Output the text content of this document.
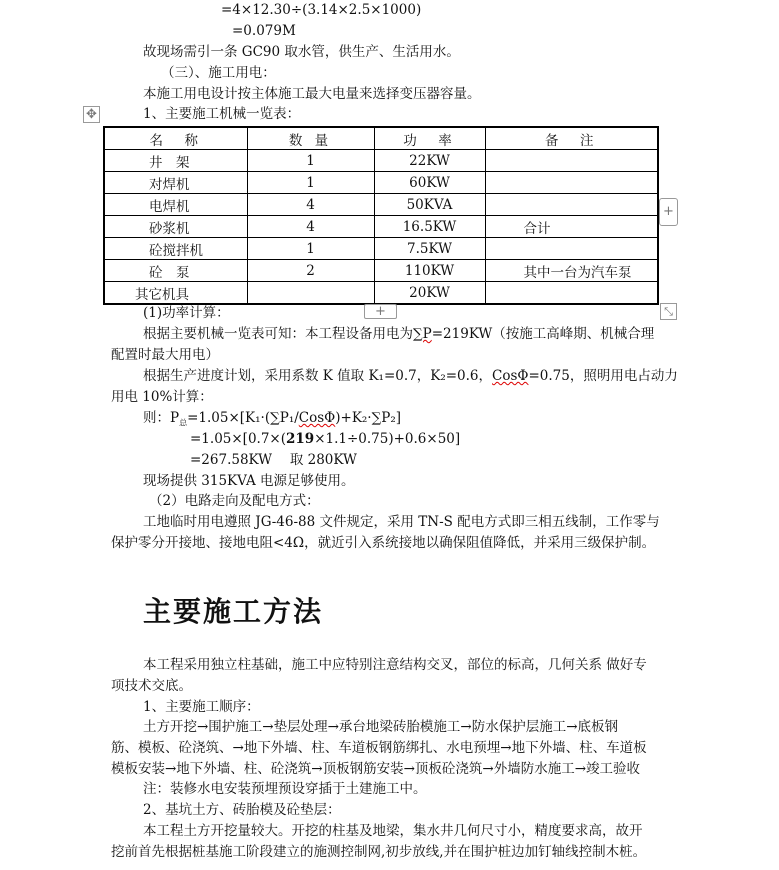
=4×12.30÷(3.14×2.5×1000)
=0.079M
故现场需引一条 GC90 取水管，供生产、生活用水。
（三）、施工用电：
本施工用电设计按主体施工最大电量来选择变压器容量。
1、主要施工机械一览表：
✥
名　称	数 量	功　率	备　注
井　架	1	22KW	
对焊机	1	60KW	
电焊机	4	50KVA	
砂浆机	4	16.5KW	合计
砼搅拌机	1	7.5KW	
砼　泵	2	110KW	其中一台为汽车泵
其它机具		20KW	
+
+	⤡
(1)功率计算：
根据主要机械一览表可知：本工程设备用电为∑P=219KW（按施工高峰期、机械合理
配置时最大用电）
根据生产进度计划，采用系数 K 值取 K₁=0.7，K₂=0.6，CosΦ=0.75，照明用电占动力
用电 10%计算：
则：$P_总=1.05\times[K_1\cdot(\sum P_1/Cos\Phi)+K_2\cdot\sum P_2]$
=1.05×[0.7×(219×1.1÷0.75)+0.6×50]
=267.58KW　 取 280KW
现场提供 315KVA 电源足够使用。
（2）电路走向及配电方式：
工地临时用电遵照 JG-46-88 文件规定，采用 TN-S 配电方式即三相五线制，工作零与
保护零分开接地、接地电阻<4Ω，就近引入系统接地以确保阻值降低，并采用三级保护制。
主要施工方法
本工程采用独立柱基础，施工中应特别注意结构交叉，部位的标高，几何关系 做好专
项技术交底。
1、主要施工顺序：
土方开挖→围护施工→垫层处理→承台地梁砖胎模施工→防水保护层施工→底板钢
筋、模板、砼浇筑、→地下外墙、柱、车道板钢筋绑扎、水电预埋→地下外墙、柱、车道板
模板安装→地下外墙、柱、砼浇筑→顶板钢筋安装→顶板砼浇筑→外墙防水施工→竣工验收
注：装修水电安装预埋预设穿插于土建施工中。
2、基坑土方、砖胎模及砼垫层：
本工程土方开挖量较大。开挖的柱基及地梁，集水井几何尺寸小，精度要求高，故开
挖前首先根据桩基施工阶段建立的施测控制网,初步放线,并在围护桩边加钉轴线控制木桩。
